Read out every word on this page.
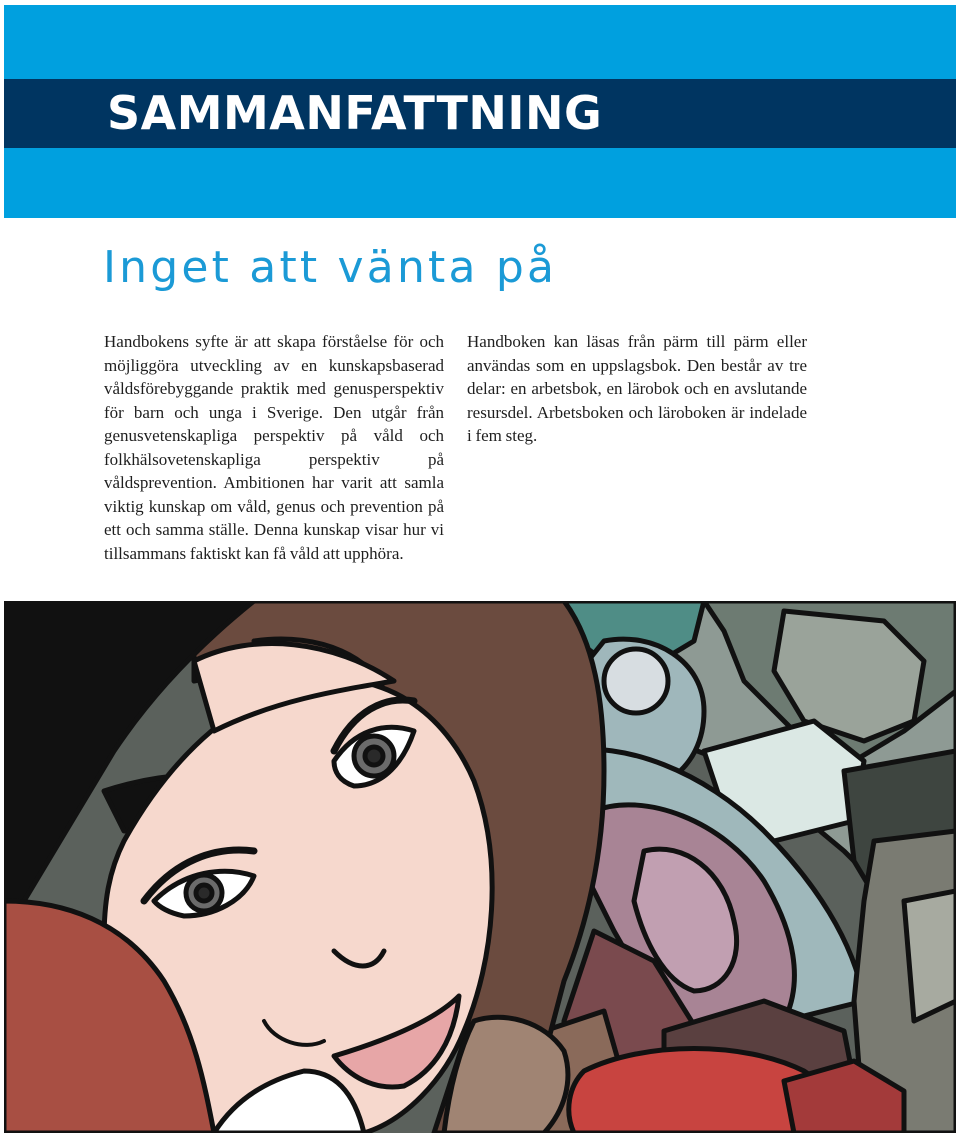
SAMMANFATTNING
Inget att vänta på

Handbokens syfte är att skapa förståelse för och möjliggöra utveckling av en kunskapsbaserad våldsförebyggande praktik med genusperspektiv för barn och unga i Sverige. Den utgår från genusvetenskapliga perspektiv på våld och folkhälsovetenskapliga perspektiv på våldsprevention. Ambitionen har varit att samla viktig kunskap om våld, genus och prevention på ett och samma ställe. Denna kunskap visar hur vi tillsammans faktiskt kan få våld att upphöra.

Handboken kan läsas från pärm till pärm eller användas som en uppslagsbok. Den består av tre delar: en arbetsbok, en lärobok och en avslutande resursdel. Arbetsboken och läroboken är indelade i fem steg.
